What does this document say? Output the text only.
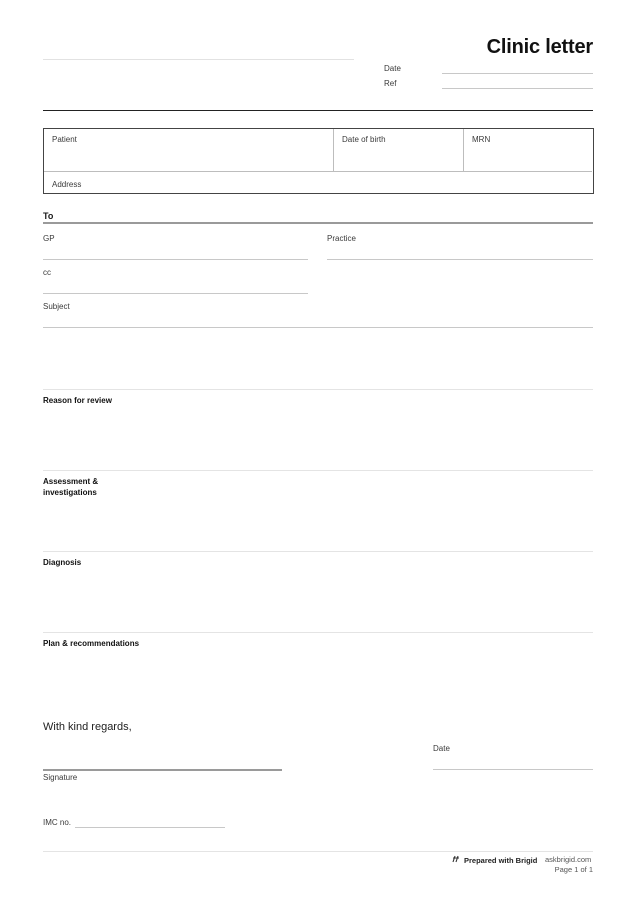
Clinic letter
Date
Ref
Patient	Date of birth	MRN
Address
To
GP	Practice
cc
Subject
Reason for review
Assessment &
investigations
Diagnosis
Plan & recommendations
With kind regards,
Date
Signature
IMC no.
Prepared with Brigid askbrigid.com
Page 1 of 1
